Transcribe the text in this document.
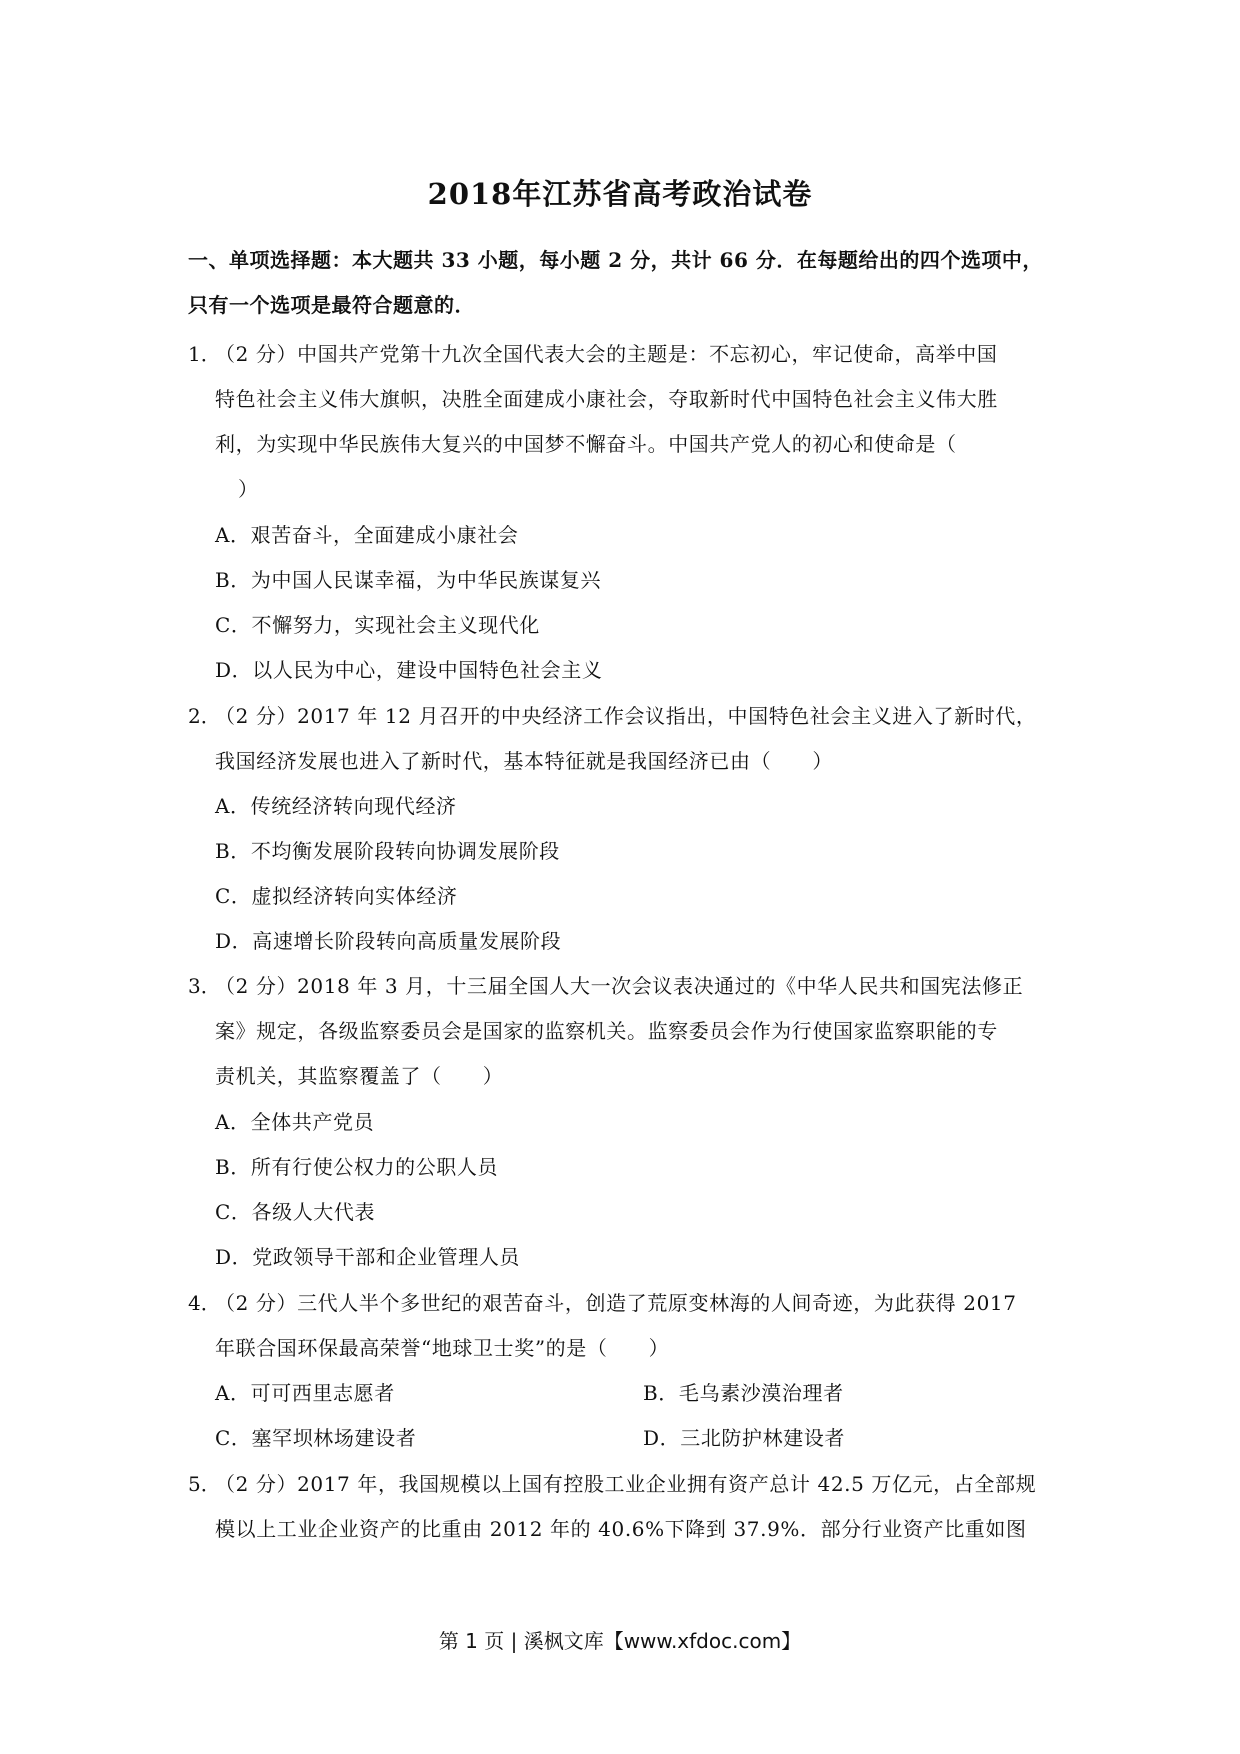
2018年江苏省高考政治试卷
一、单项选择题：本大题共 33 小题，每小题 2 分，共计 66 分．在每题给出的四个选项中，
只有一个选项是最符合题意的．
1．
（2 分）中国共产党第十九次全国代表大会的主题是：不忘初心，牢记使命，高举中国
特色社会主义伟大旗帜，决胜全面建成小康社会，夺取新时代中国特色社会主义伟大胜
利，为实现中华民族伟大复兴的中国梦不懈奋斗。中国共产党人的初心和使命是（
）
A．艰苦奋斗，全面建成小康社会
B．为中国人民谋幸福，为中华民族谋复兴
C．不懈努力，实现社会主义现代化
D．以人民为中心，建设中国特色社会主义
2．
（2 分）2017 年 12 月召开的中央经济工作会议指出，中国特色社会主义进入了新时代，
我国经济发展也进入了新时代，基本特征就是我国经济已由（　　）
A．传统经济转向现代经济
B．不均衡发展阶段转向协调发展阶段
C．虚拟经济转向实体经济
D．高速增长阶段转向高质量发展阶段
3．
（2 分）2018 年 3 月，十三届全国人大一次会议表决通过的《中华人民共和国宪法修正
案》规定，各级监察委员会是国家的监察机关。监察委员会作为行使国家监察职能的专
责机关，其监察覆盖了（　　）
A．全体共产党员
B．所有行使公权力的公职人员
C．各级人大代表
D．党政领导干部和企业管理人员
4．
（2 分）三代人半个多世纪的艰苦奋斗，创造了荒原变林海的人间奇迹，为此获得 2017
年联合国环保最高荣誉“地球卫士奖”的是（　　）
A．可可西里志愿者	B．毛乌素沙漠治理者
C．塞罕坝林场建设者	D．三北防护林建设者
5．
（2 分）2017 年，我国规模以上国有控股工业企业拥有资产总计 42.5 万亿元，占全部规
模以上工业企业资产的比重由 2012 年的 40.6%下降到 37.9%．部分行业资产比重如图
第 1 页 | 溪枫文库【www.xfdoc.com】
